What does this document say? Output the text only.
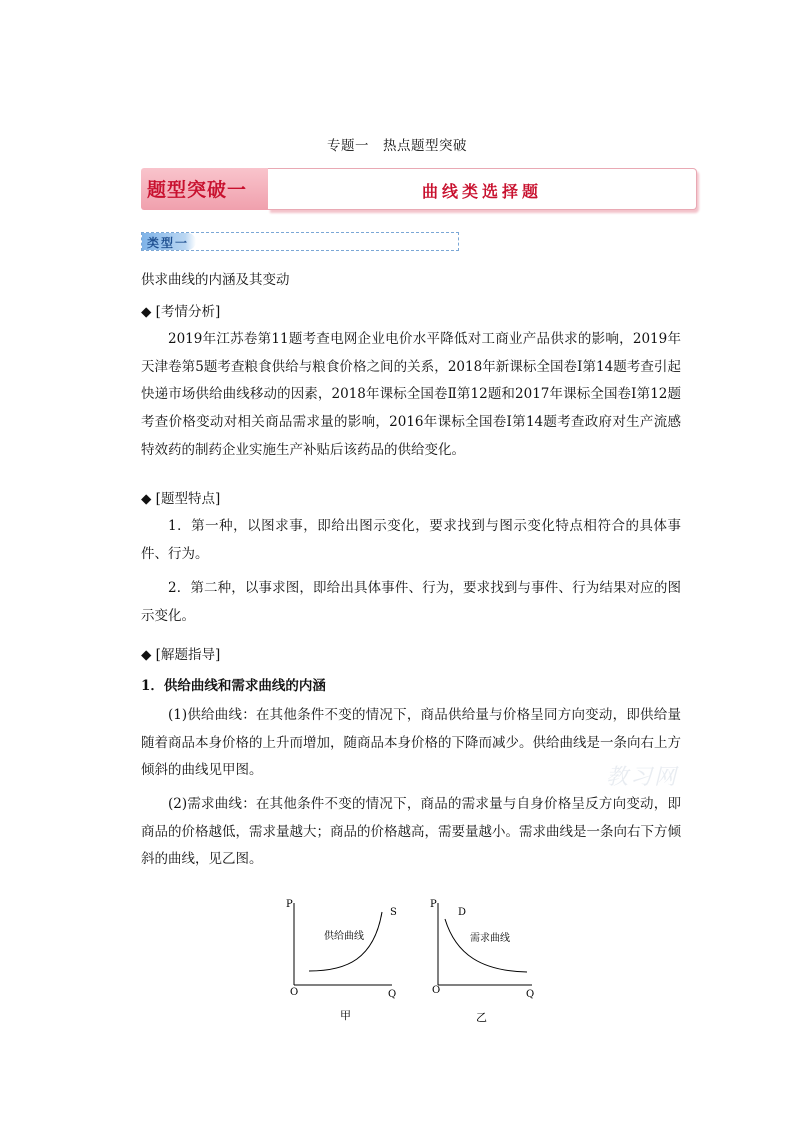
专题一　热点题型突破
题型突破一	曲线类选择题
类型一
供求曲线的内涵及其变动
◆ [考情分析]
2019年江苏卷第11题考查电网企业电价水平降低对工商业产品供求的影响，2019年天津卷第5题考查粮食供给与粮食价格之间的关系，2018年新课标全国卷Ⅰ第14题考查引起快递市场供给曲线移动的因素，2018年课标全国卷Ⅱ第12题和2017年课标全国卷Ⅰ第12题考查价格变动对相关商品需求量的影响，2016年课标全国卷Ⅰ第14题考查政府对生产流感特效药的制药企业实施生产补贴后该药品的供给变化。
◆ [题型特点]
1．第一种，以图求事，即给出图示变化，要求找到与图示变化特点相符合的具体事件、行为。
2．第二种，以事求图，即给出具体事件、行为，要求找到与事件、行为结果对应的图示变化。
◆ [解题指导]
1．供给曲线和需求曲线的内涵
(1)供给曲线：在其他条件不变的情况下，商品供给量与价格呈同方向变动，即供给量随着商品本身价格的上升而增加，随商品本身价格的下降而减少。供给曲线是一条向右上方倾斜的曲线见甲图。
(2)需求曲线：在其他条件不变的情况下，商品的需求量与自身价格呈反方向变动，即商品的价格越低，需求量越大；商品的价格越高，需要量越小。需求曲线是一条向右下方倾斜的曲线，见乙图。
教习网
P
O	Q
S
供给曲线
甲
P
O	Q
D
需求曲线
乙
